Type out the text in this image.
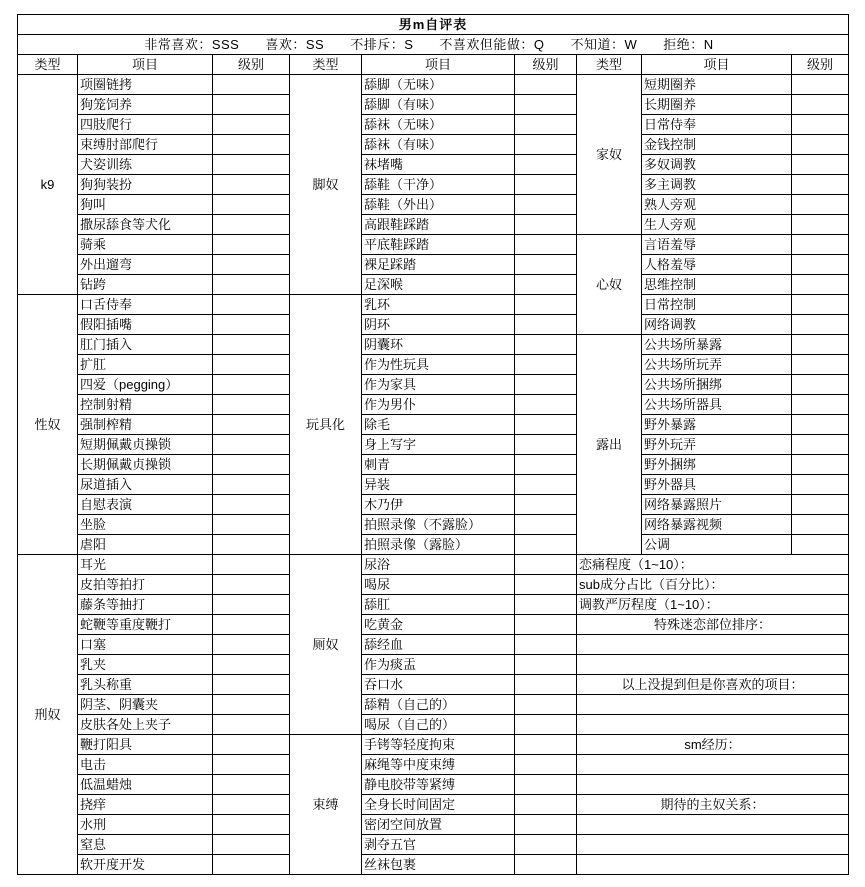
男m自评表								

非常喜欢：SSS 喜欢：SS 不排斥：S 不喜欢但能做：Q 不知道：W 拒绝：N

类型	项目	级别	类型	项目	级别	类型	项目	级别
k9	项圈链拷		脚奴	舔脚（无味）		家奴	短期圈养	
	狗笼饲养			舔脚（有味）			长期圈养	
	四肢爬行			舔袜（无味）			日常侍奉	
	束缚肘部爬行			舔袜（有味）			金钱控制	
	犬姿训练			袜堵嘴			多奴调教	
	狗狗装扮			舔鞋（干净）			多主调教	
	狗叫			舔鞋（外出）			熟人旁观	
	撒尿舔食等犬化			高跟鞋踩踏			生人旁观	
	骑乘			平底鞋踩踏		心奴	言语羞辱	
	外出遛弯			裸足踩踏			人格羞辱	
	钻跨			足深喉			思维控制	
性奴	口舌侍奉		玩具化	乳环			日常控制	
	假阳插嘴			阴环			网络调教	
	肛门插入			阴囊环		露出	公共场所暴露	
	扩肛			作为性玩具			公共场所玩弄	
	四爱（pegging）			作为家具			公共场所捆绑	
	控制射精			作为男仆			公共场所器具	
	强制榨精			除毛			野外暴露	
	短期佩戴贞操锁			身上写字			野外玩弄	
	长期佩戴贞操锁			刺青			野外捆绑	
	尿道插入			异装			野外器具	
	自慰表演			木乃伊			网络暴露照片	
	坐脸			拍照录像（不露脸）			网络暴露视频	
	虐阳			拍照录像（露脸）			公调	
刑奴	耳光		厕奴	尿浴		恋痛程度（1~10）：		
	皮拍等拍打			喝尿		sub成分占比（百分比）：		
	藤条等抽打			舔肛		调教严厉程度（1~10）：		
	蛇鞭等重度鞭打			吃黄金		特殊迷恋部位排序：		
	口塞			舔经血				
	乳夹			作为痰盂				
	乳头称重			吞口水		以上没提到但是你喜欢的项目：		
	阴茎、阴囊夹			舔精（自己的）				
	皮肤各处上夹子			喝尿（自己的）				
	鞭打阳具		束缚	手铐等轻度拘束		sm经历：		
	电击			麻绳等中度束缚				
	低温蜡烛			静电胶带等紧缚				
	挠痒			全身长时间固定		期待的主奴关系：		
	水刑			密闭空间放置				
	窒息			剥夺五官				
	软开度开发			丝袜包裹				
